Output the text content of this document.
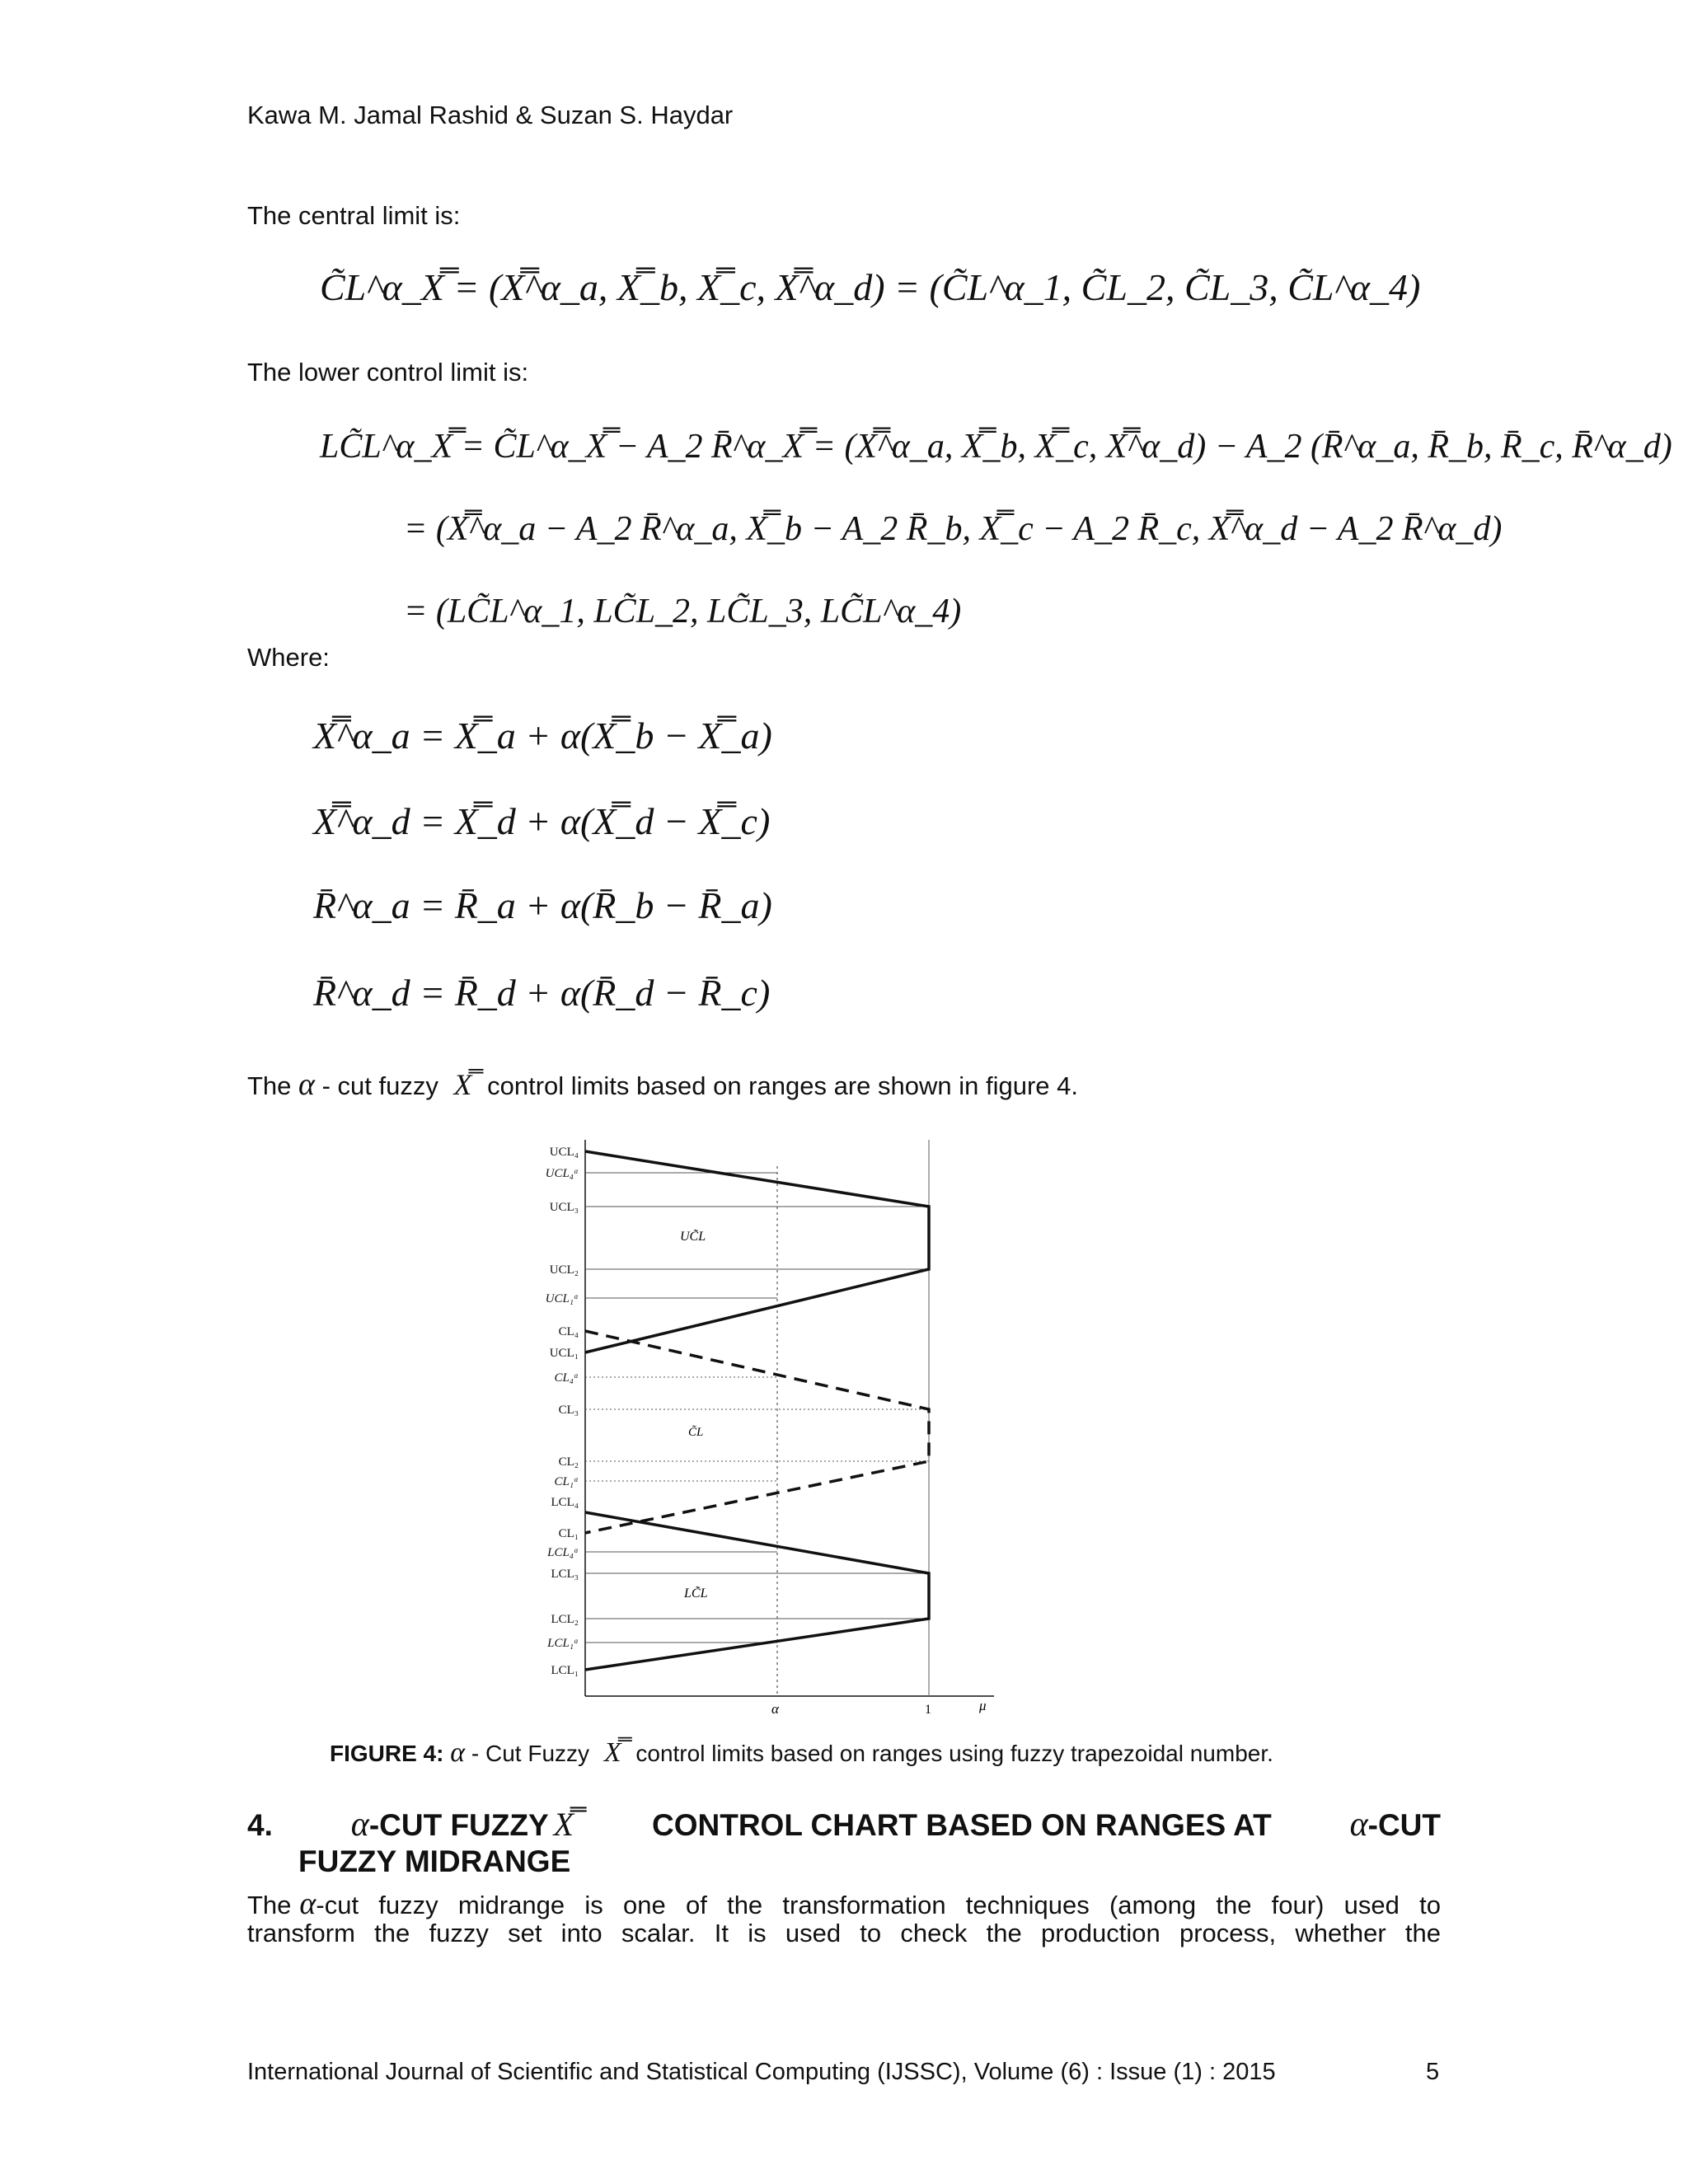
Kawa M. Jamal Rashid & Suzan S. Haydar
The central limit is:
C̃L^α_X̿ = (X̿^α_a, X̿_b, X̿_c, X̿^α_d) = (C̃L^α_1, C̃L_2, C̃L_3, C̃L^α_4)
The lower control limit is:
LC̃L^α_X̿ = C̃L^α_X̿ − A_2 R̄^α_X̿ = (X̿^α_a, X̿_b, X̿_c, X̿^α_d) − A_2 (R̄^α_a, R̄_b, R̄_c, R̄^α_d)
= (X̿^α_a − A_2 R̄^α_a, X̿_b − A_2 R̄_b, X̿_c − A_2 R̄_c, X̿^α_d − A_2 R̄^α_d)
= (LC̃L^α_1, LC̃L_2, LC̃L_3, LC̃L^α_4)
Where:
X̿^α_a = X̿_a + α(X̿_b − X̿_a)
X̿^α_d = X̿_d + α(X̿_d − X̿_c)
R̄^α_a = R̄_a + α(R̄_b − R̄_a)
R̄^α_d = R̄_d + α(R̄_d − R̄_c)
The α - cut fuzzy X̿ control limits based on ranges are shown in figure 4.
UCL₄
UCL₄ᵅ
UCL₃
UCL₂
UCL₁ᵅ
CL₄
UCL₁
CL₄ᵅ
CL₃
CL₂
CL₁ᵅ
LCL₄
CL₁
LCL₄ᵅ
LCL₃
LCL₂
LCL₁ᵅ
LCL₁
UC̃L
C̃L
LC̃L
α	1	μ
FIGURE 4: α - Cut Fuzzy X̿ control limits based on ranges using fuzzy trapezoidal number.
4. α-CUT FUZZY X̿	CONTROL CHART BASED ON RANGES AT α-CUT
FUZZY MIDRANGE
The α -cut fuzzy midrange is one of the transformation techniques (among the four) used to
transform the fuzzy set into scalar. It is used to check the production process, whether the
International Journal of Scientific and Statistical Computing (IJSSC), Volume (6) : Issue (1) : 2015	5
